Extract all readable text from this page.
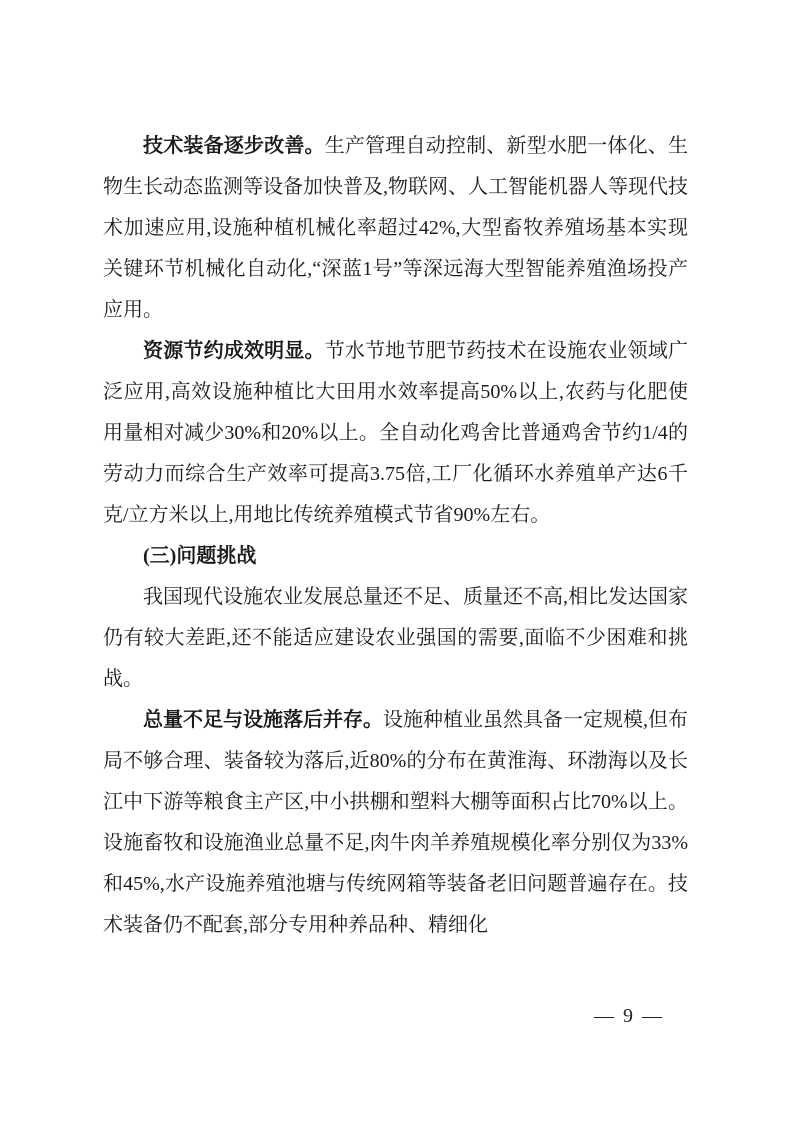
技术装备逐步改善。生产管理自动控制、新型水肥一体化、生物生长动态监测等设备加快普及,物联网、人工智能机器人等现代技术加速应用,设施种植机械化率超过42%,大型畜牧养殖场基本实现关键环节机械化自动化,“深蓝1号”等深远海大型智能养殖渔场投产应用。

资源节约成效明显。节水节地节肥节药技术在设施农业领域广泛应用,高效设施种植比大田用水效率提高50%以上,农药与化肥使用量相对减少30%和20%以上。全自动化鸡舍比普通鸡舍节约1/4的劳动力而综合生产效率可提高3.75倍,工厂化循环水养殖单产达6千克/立方米以上,用地比传统养殖模式节省90%左右。

(三)问题挑战

我国现代设施农业发展总量还不足、质量还不高,相比发达国家仍有较大差距,还不能适应建设农业强国的需要,面临不少困难和挑战。

总量不足与设施落后并存。设施种植业虽然具备一定规模,但布局不够合理、装备较为落后,近80%的分布在黄淮海、环渤海以及长江中下游等粮食主产区,中小拱棚和塑料大棚等面积占比70%以上。设施畜牧和设施渔业总量不足,肉牛肉羊养殖规模化率分别仅为33%和45%,水产设施养殖池塘与传统网箱等装备老旧问题普遍存在。技术装备仍不配套,部分专用种养品种、精细化

— 9 —
